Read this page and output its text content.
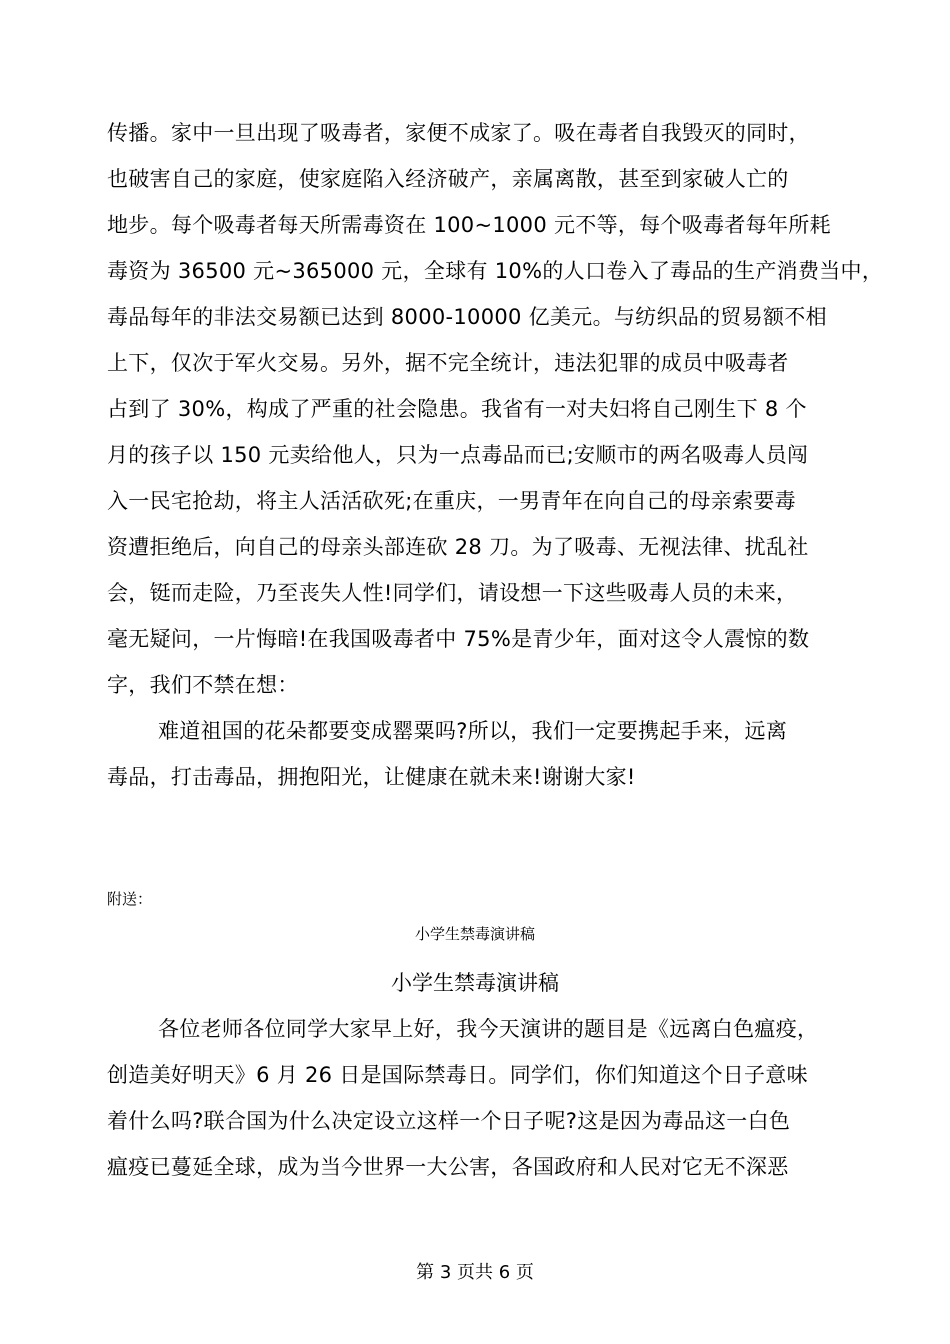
传播。家中一旦出现了吸毒者，家便不成家了。吸在毒者自我毁灭的同时，
也破害自己的家庭，使家庭陷入经济破产，亲属离散，甚至到家破人亡的
地步。每个吸毒者每天所需毒资在 100~1000 元不等，每个吸毒者每年所耗
毒资为 36500 元~365000 元，全球有 10%的人口卷入了毒品的生产消费当中，
毒品每年的非法交易额已达到 8000-10000 亿美元。与纺织品的贸易额不相
上下，仅次于军火交易。另外，据不完全统计，违法犯罪的成员中吸毒者
占到了 30%，构成了严重的社会隐患。我省有一对夫妇将自己刚生下 8 个
月的孩子以 150 元卖给他人，只为一点毒品而已;安顺市的两名吸毒人员闯
入一民宅抢劫，将主人活活砍死;在重庆，一男青年在向自己的母亲索要毒
资遭拒绝后，向自己的母亲头部连砍 28 刀。为了吸毒、无视法律、扰乱社
会，铤而走险，乃至丧失人性!同学们，请设想一下这些吸毒人员的未来，
毫无疑问，一片悔暗!在我国吸毒者中 75%是青少年，面对这令人震惊的数
字，我们不禁在想：
难道祖国的花朵都要变成罂粟吗?所以，我们一定要携起手来，远离
毒品，打击毒品，拥抱阳光，让健康在就未来!谢谢大家!
附送：
小学生禁毒演讲稿
小学生禁毒演讲稿
各位老师各位同学大家早上好，我今天演讲的题目是《远离白色瘟疫，
创造美好明天》6 月 26 日是国际禁毒日。同学们，你们知道这个日子意味
着什么吗?联合国为什么决定设立这样一个日子呢?这是因为毒品这一白色
瘟疫已蔓延全球，成为当今世界一大公害，各国政府和人民对它无不深恶
第 3 页共 6 页
